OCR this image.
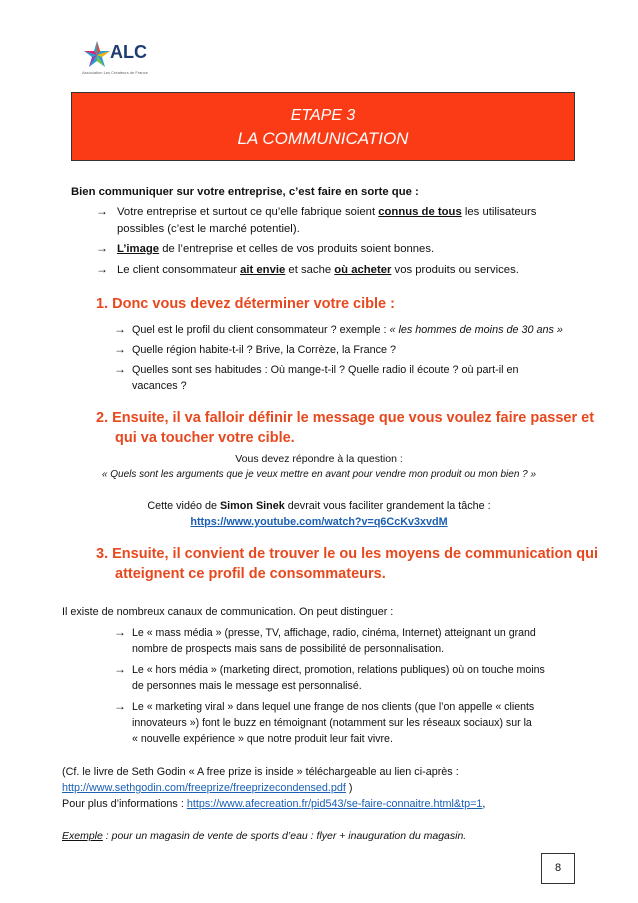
ALC
Association Les Créateurs de France
ETAPE 3
LA COMMUNICATION
Bien communiquer sur votre entreprise, c’est faire en sorte que :
→ Votre entreprise et surtout ce qu’elle fabrique soient connus de tous les utilisateurs
possibles (c’est le marché potentiel).
→ L’image de l’entreprise et celles de vos produits soient bonnes.
→ Le client consommateur ait envie et sache où acheter vos produits ou services.
1. Donc vous devez déterminer votre cible :
→ Quel est le profil du client consommateur ? exemple : « les hommes de moins de 30 ans »
→ Quelle région habite-t-il ? Brive, la Corrèze, la France ?
→ Quelles sont ses habitudes : Où mange-t-il ? Quelle radio il écoute ? où part-il en
vacances ?
2. Ensuite, il va falloir définir le message que vous voulez faire passer et
qui va toucher votre cible.
Vous devez répondre à la question :
« Quels sont les arguments que je veux mettre en avant pour vendre mon produit ou mon bien ? »
Cette vidéo de Simon Sinek devrait vous faciliter grandement la tâche :
https://www.youtube.com/watch?v=q6CcKv3xvdM
3. Ensuite, il convient de trouver le ou les moyens de communication qui
atteignent ce profil de consommateurs.
Il existe de nombreux canaux de communication. On peut distinguer :
→ Le « mass média » (presse, TV, affichage, radio, cinéma, Internet) atteignant un grand
nombre de prospects mais sans de possibilité de personnalisation.
→ Le « hors média » (marketing direct, promotion, relations publiques) où on touche moins
de personnes mais le message est personnalisé.
→ Le « marketing viral » dans lequel une frange de nos clients (que l’on appelle « clients
innovateurs ») font le buzz en témoignant (notamment sur les réseaux sociaux) sur la
« nouvelle expérience » que notre produit leur fait vivre.
(Cf. le livre de Seth Godin « A free prize is inside » téléchargeable au lien ci-après :
http://www.sethgodin.com/freeprize/freeprizecondensed.pdf )
Pour plus d’informations : https://www.afecreation.fr/pid543/se-faire-connaitre.html&tp=1,
Exemple : pour un magasin de vente de sports d’eau : flyer + inauguration du magasin.
8
